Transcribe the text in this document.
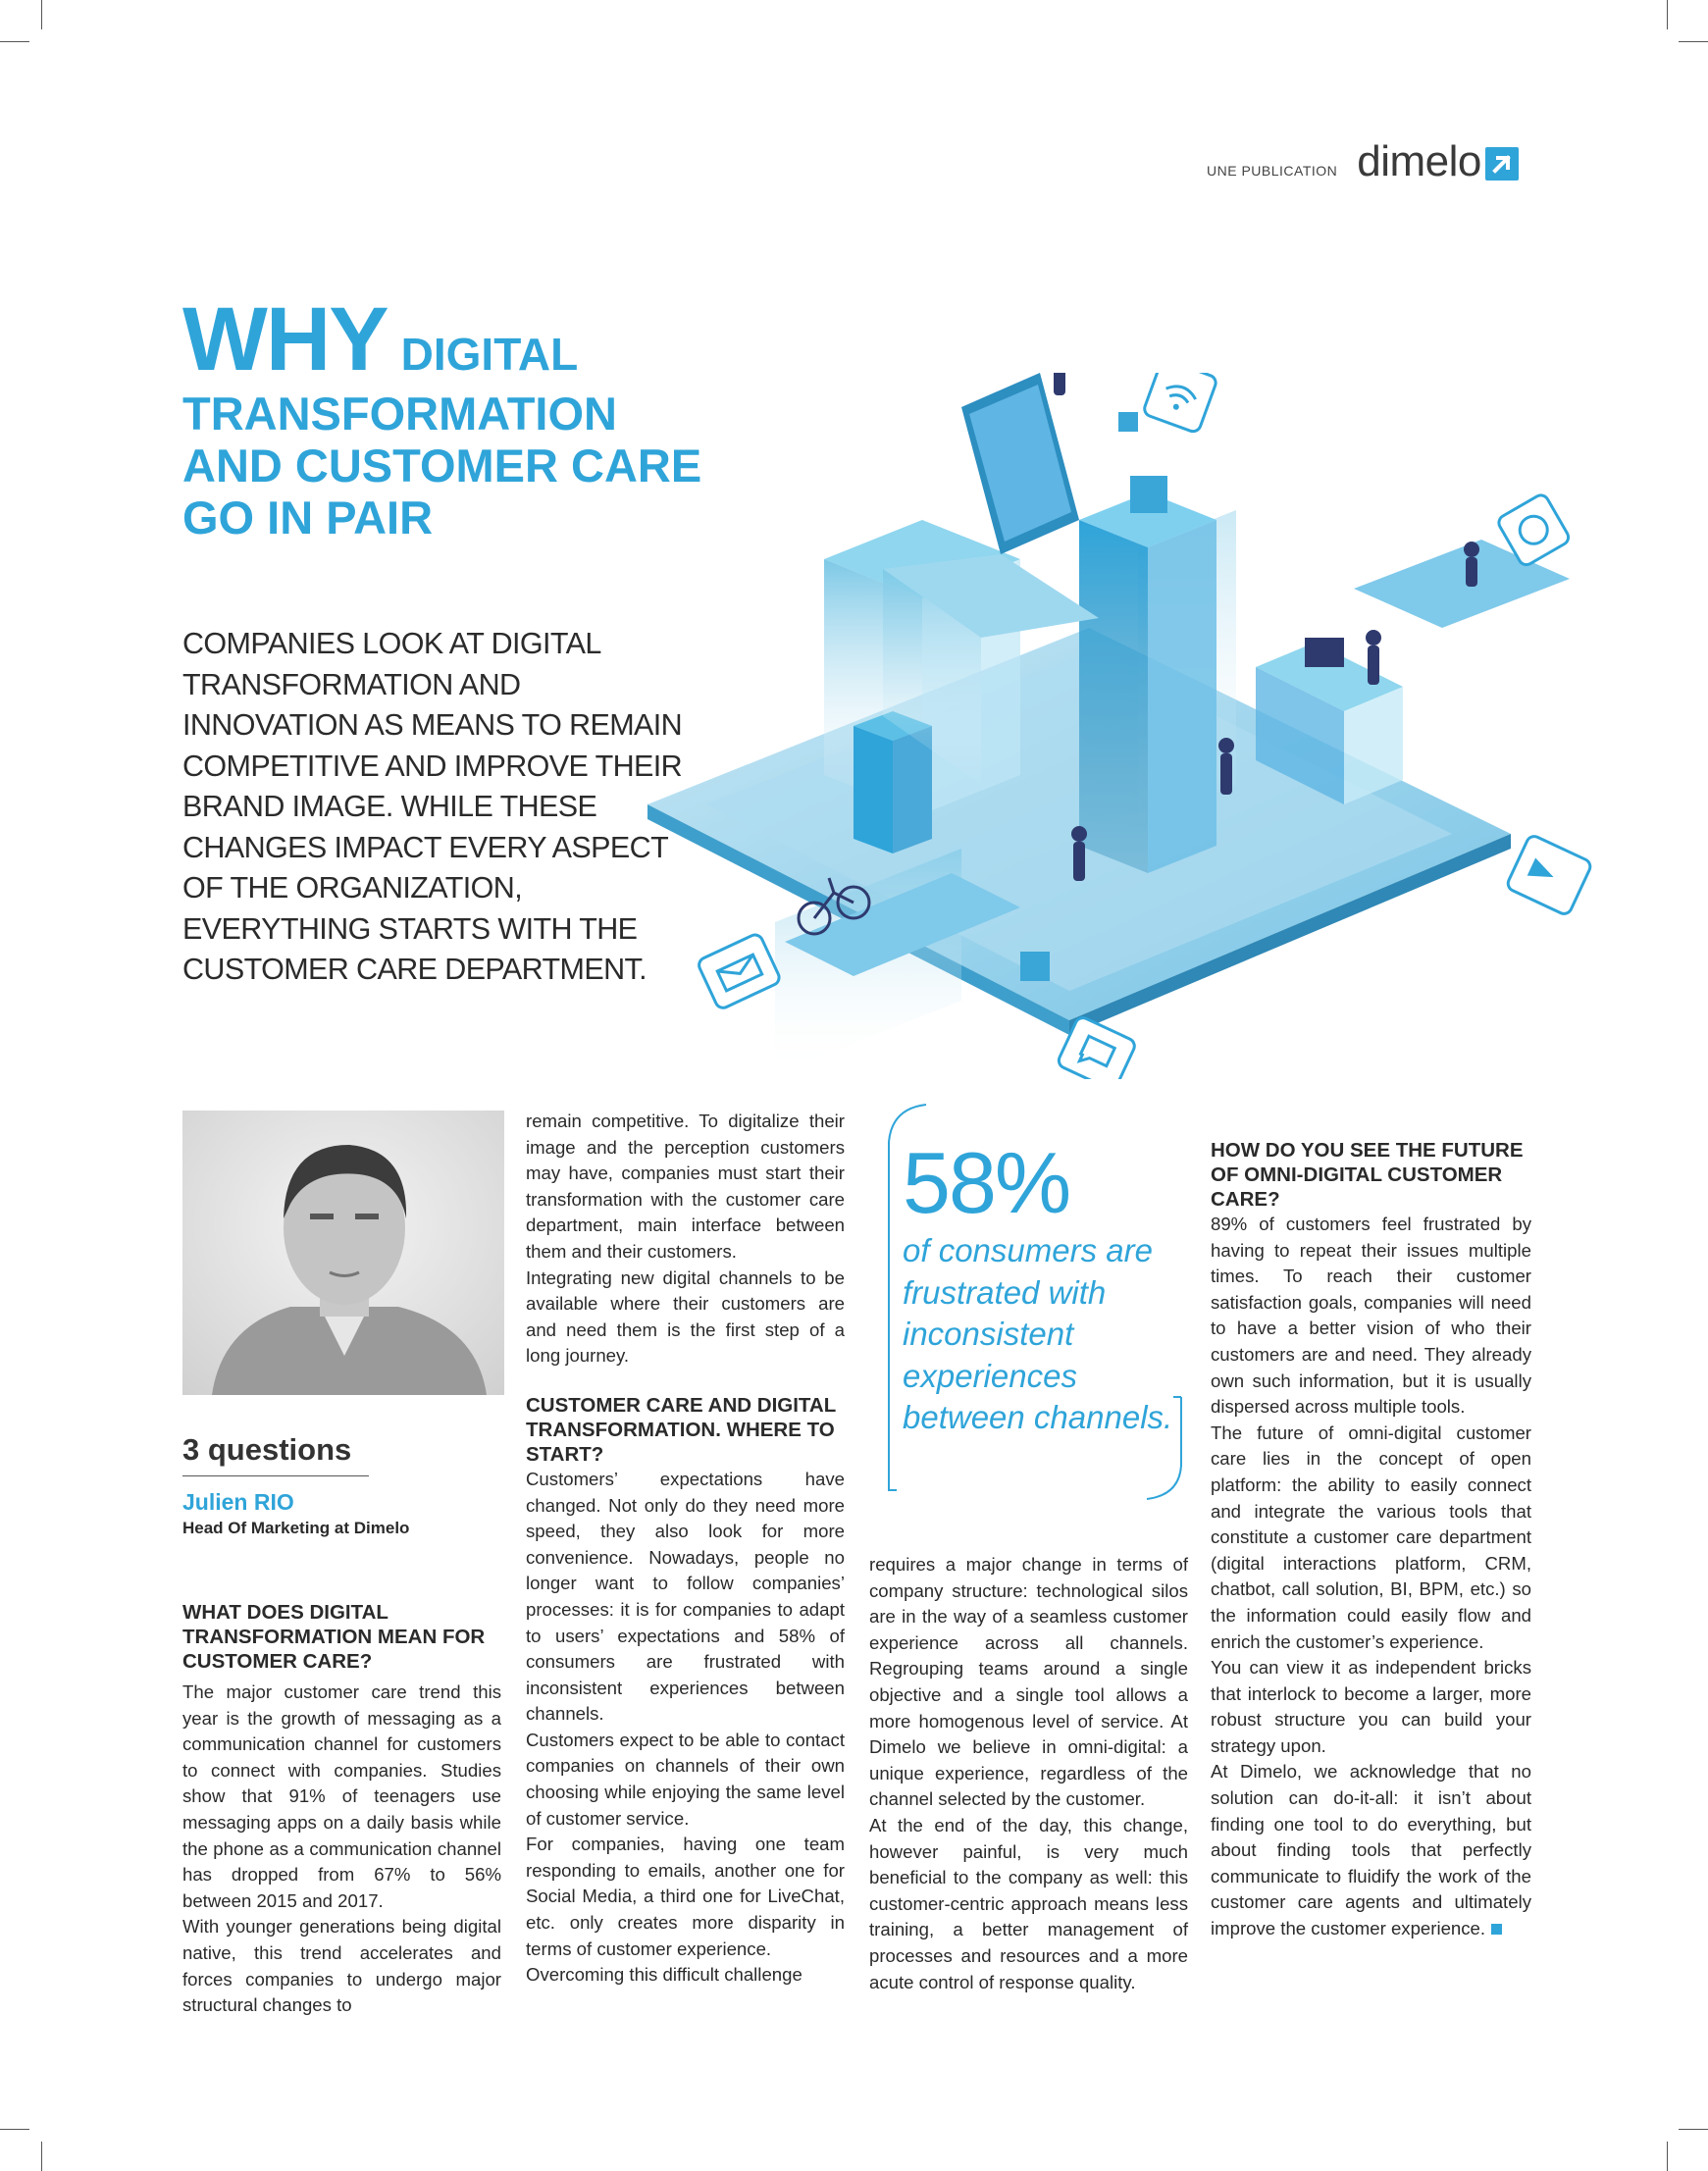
UNE PUBLICATION dimelo
WHY DIGITAL
TRANSFORMATION
AND CUSTOMER CARE
GO IN PAIR
COMPANIES LOOK AT DIGITAL TRANSFORMATION AND INNOVATION AS MEANS TO REMAIN COMPETITIVE AND IMPROVE THEIR BRAND IMAGE. WHILE THESE CHANGES IMPACT EVERY ASPECT OF THE ORGANIZATION, EVERYTHING STARTS WITH THE CUSTOMER CARE DEPARTMENT.
3 questions
Julien RIO
Head Of Marketing at Dimelo
WHAT DOES DIGITAL TRANSFORMATION MEAN FOR CUSTOMER CARE?

The major customer care trend this year is the growth of messaging as a communication channel for customers to connect with companies. Studies show that 91% of teenagers use messaging apps on a daily basis while the phone as a communication channel has dropped from 67% to 56% between 2015 and 2017.

With younger generations being digital native, this trend accelerates and forces companies to undergo major structural changes to

remain competitive. To digitalize their image and the perception customers may have, companies must start their transformation with the customer care department, main interface between them and their customers.

Integrating new digital channels to be available where their customers are and need them is the first step of a long journey.

CUSTOMER CARE AND DIGITAL TRANSFORMATION. WHERE TO START?

Customers’ expectations have changed. Not only do they need more speed, they also look for more convenience. Nowadays, people no longer want to follow companies’ processes: it is for companies to adapt to users’ expectations and 58% of consumers are frustrated with inconsistent experiences between channels.

Customers expect to be able to contact companies on channels of their own choosing while enjoying the same level of customer service.

For companies, having one team responding to emails, another one for Social Media, a third one for LiveChat, etc. only creates more disparity in terms of customer experience.

Overcoming this difficult challenge

58%
of consumers are frustrated with inconsistent experiences between channels.

requires a major change in terms of company structure: technological silos are in the way of a seamless customer experience across all channels. Regrouping teams around a single objective and a single tool allows a more homogenous level of service. At Dimelo we believe in omni-digital: a unique experience, regardless of the channel selected by the customer.

At the end of the day, this change, however painful, is very much beneficial to the company as well: this customer-centric approach means less training, a better management of processes and resources and a more acute control of response quality.

HOW DO YOU SEE THE FUTURE OF OMNI-DIGITAL CUSTOMER CARE?

89% of customers feel frustrated by having to repeat their issues multiple times. To reach their customer satisfaction goals, companies will need to have a better vision of who their customers are and need. They already own such information, but it is usually dispersed across multiple tools.

The future of omni-digital customer care lies in the concept of open platform: the ability to easily connect and integrate the various tools that constitute a customer care department (digital interactions platform, CRM, chatbot, call solution, BI, BPM, etc.) so the information could easily flow and enrich the customer’s experience.

You can view it as independent bricks that interlock to become a larger, more robust structure you can build your strategy upon.

At Dimelo, we acknowledge that no solution can do-it-all: it isn’t about finding one tool to do everything, but about finding tools that perfectly communicate to fluidify the work of the customer care agents and ultimately improve the customer experience.
